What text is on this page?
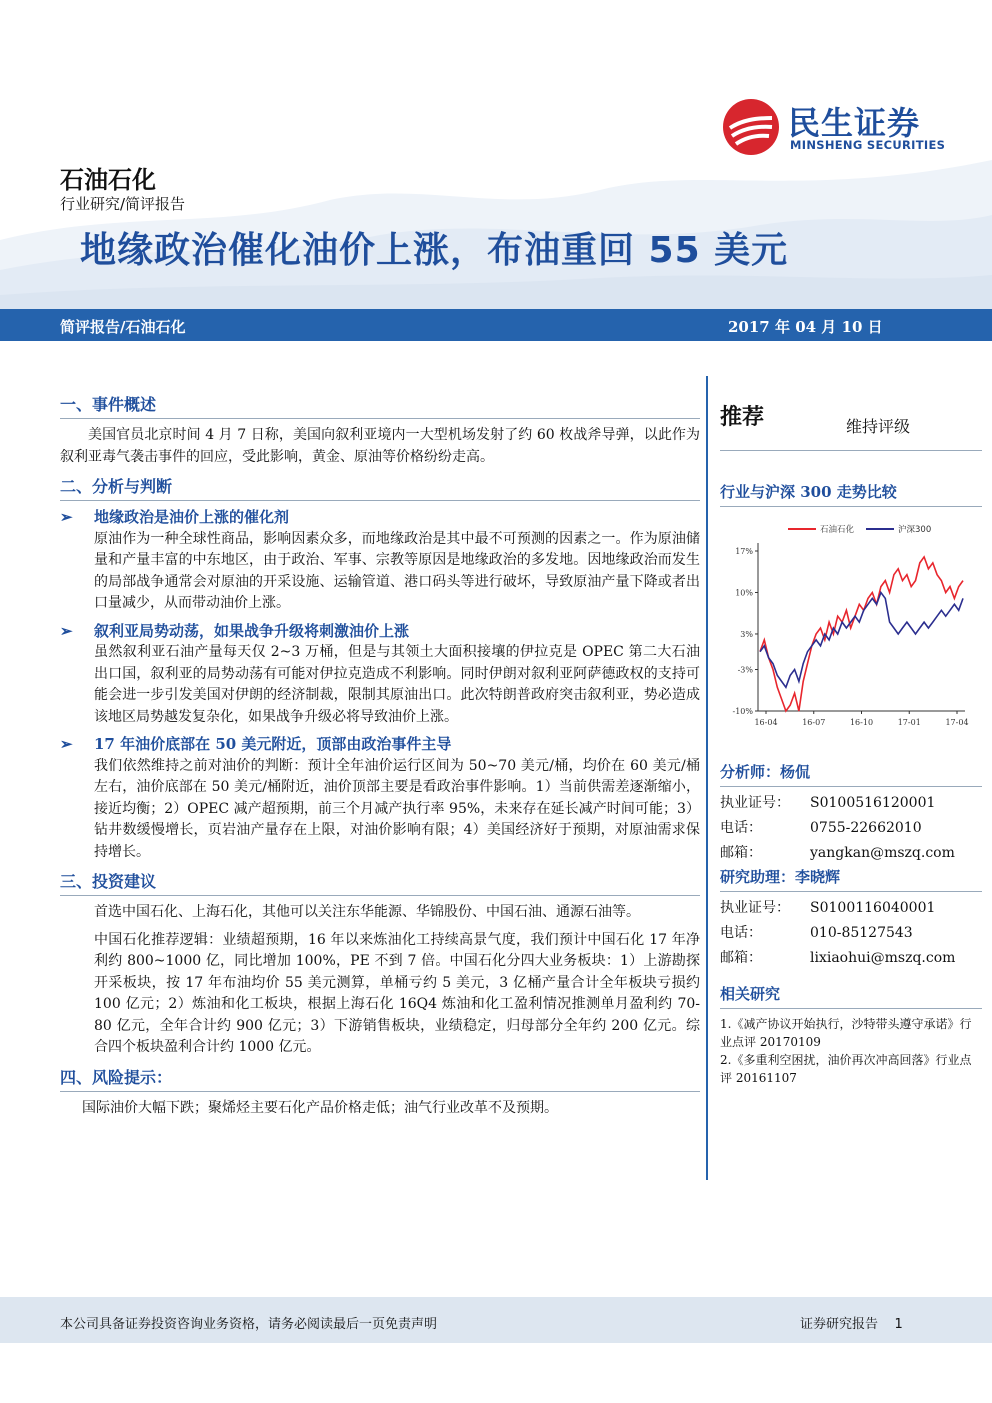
民生证券
MINSHENG SECURITIES
石油石化
行业研究/简评报告
地缘政治催化油价上涨，布油重回 55 美元
简评报告/石油石化	2017 年 04 月 10 日
一、事件概述

美国官员北京时间 4 月 7 日称，美国向叙利亚境内一大型机场发射了约 60 枚战斧导弹，以此作为叙利亚毒气袭击事件的回应，受此影响，黄金、原油等价格纷纷走高。

二、分析与判断
➢ 地缘政治是油价上涨的催化剂

原油作为一种全球性商品，影响因素众多，而地缘政治是其中最不可预测的因素之一。作为原油储量和产量丰富的中东地区，由于政治、军事、宗教等原因是地缘政治的多发地。因地缘政治而发生的局部战争通常会对原油的开采设施、运输管道、港口码头等进行破坏，导致原油产量下降或者出口量减少，从而带动油价上涨。

➢ 叙利亚局势动荡，如果战争升级将刺激油价上涨

虽然叙利亚石油产量每天仅 2~3 万桶，但是与其领土大面积接壤的伊拉克是 OPEC 第二大石油出口国，叙利亚的局势动荡有可能对伊拉克造成不利影响。同时伊朗对叙利亚阿萨德政权的支持可能会进一步引发美国对伊朗的经济制裁，限制其原油出口。此次特朗普政府突击叙利亚，势必造成该地区局势越发复杂化，如果战争升级必将导致油价上涨。

➢ 17 年油价底部在 50 美元附近，顶部由政治事件主导

我们依然维持之前对油价的判断：预计全年油价运行区间为 50~70 美元/桶，均价在 60 美元/桶左右，油价底部在 50 美元/桶附近，油价顶部主要是看政治事件影响。1）当前供需差逐渐缩小，接近均衡；2）OPEC 减产超预期，前三个月减产执行率 95%，未来存在延长减产时间可能；3）钻井数缓慢增长，页岩油产量存在上限，对油价影响有限；4）美国经济好于预期，对原油需求保持增长。

三、投资建议

首选中国石化、上海石化，其他可以关注东华能源、华锦股份、中国石油、通源石油等。

中国石化推荐逻辑：业绩超预期，16 年以来炼油化工持续高景气度，我们预计中国石化 17 年净利约 800~1000 亿，同比增加 100%，PE 不到 7 倍。中国石化分四大业务板块：1）上游勘探开采板块，按 17 年布油均价 55 美元测算，单桶亏约 5 美元，3 亿桶产量合计全年板块亏损约 100 亿元；2）炼油和化工板块，根据上海石化 16Q4 炼油和化工盈利情况推测单月盈利约 70-80 亿元，全年合计约 900 亿元；3）下游销售板块，业绩稳定，归母部分全年约 200 亿元。综合四个板块盈利合计约 1000 亿元。

四、风险提示：

国际油价大幅下跌；聚烯烃主要石化产品价格走低；油气行业改革不及预期。

推荐	维持评级
行业与沪深 300 走势比较
石油石化	沪深300
17%
10%
3%
-3%
-10%
16-04	16-07	16-10	17-01	17-04
分析师：杨侃
执业证号：	S0100516120001
电话：	0755-22662010
邮箱：	yangkan@mszq.com
研究助理：李晓辉
执业证号：	S0100116040001
电话：	010-85127543
邮箱：	lixiaohui@mszq.com
相关研究
1.《减产协议开始执行，沙特带头遵守承诺》行业点评 20170109
2.《多重利空困扰，油价再次冲高回落》行业点评 20161107
本公司具备证券投资咨询业务资格，请务必阅读最后一页免责声明	证券研究报告    1
